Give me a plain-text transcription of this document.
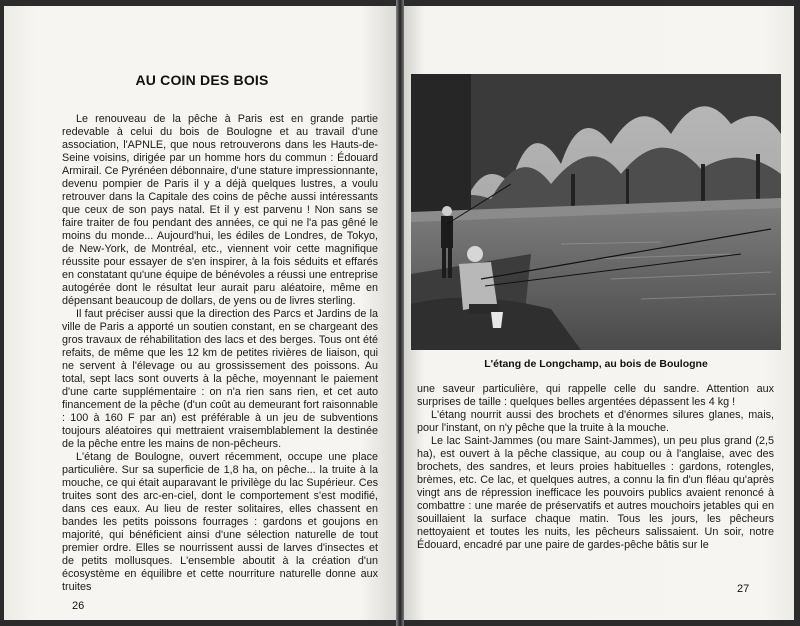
AU COIN DES BOIS

Le renouveau de la pêche à Paris est en grande partie redevable à celui du bois de Boulogne et au travail d'une association, l'APNLE, que nous retrouverons dans les Hauts-de-Seine voisins, dirigée par un homme hors du commun : Édouard Armirail. Ce Pyrénéen débonnaire, d'une stature impressionnante, devenu pompier de Paris il y a déjà quelques lustres, a voulu retrouver dans la Capitale des coins de pêche aussi intéressants que ceux de son pays natal. Et il y est parvenu ! Non sans se faire traiter de fou pendant des années, ce qui ne l'a pas gêné le moins du monde... Aujourd'hui, les édiles de Londres, de Tokyo, de New-York, de Montréal, etc., viennent voir cette magnifique réussite pour essayer de s'en inspirer, à la fois séduits et effarés en constatant qu'une équipe de bénévoles a réussi une entreprise autogérée dont le résultat leur aurait paru aléatoire, même en dépensant beaucoup de dollars, de yens ou de livres sterling.

Il faut préciser aussi que la direction des Parcs et Jardins de la ville de Paris a apporté un soutien constant, en se chargeant des gros travaux de réhabilitation des lacs et des berges. Tous ont été refaits, de même que les 12 km de petites rivières de liaison, qui ne servent à l'élevage ou au grossissement des poissons. Au total, sept lacs sont ouverts à la pêche, moyennant le paiement d'une carte supplémentaire : on n'a rien sans rien, et cet auto financement de la pêche (d'un coût au demeurant fort raisonnable : 100 à 160 F par an) est préférable à un jeu de subventions toujours aléatoires qui mettraient vraisemblablement la destinée de la pêche entre les mains de non-pêcheurs.

L'étang de Boulogne, ouvert récemment, occupe une place particulière. Sur sa superficie de 1,8 ha, on pêche... la truite à la mouche, ce qui était auparavant le privilège du lac Supérieur. Ces truites sont des arc-en-ciel, dont le comportement s'est modifié, dans ces eaux. Au lieu de rester solitaires, elles chassent en bandes les petits poissons fourrages : gardons et goujons en majorité, qui bénéficient ainsi d'une sélection naturelle de tout premier ordre. Elles se nourrissent aussi de larves d'insectes et de petits mollusques. L'ensemble aboutit à la création d'un écosystème en équilibre et cette nourriture naturelle donne aux truites

26
L'étang de Longchamp, au bois de Boulogne

une saveur particulière, qui rappelle celle du sandre. Attention aux surprises de taille : quelques belles argentées dépassent les 4 kg !

L'étang nourrit aussi des brochets et d'énormes silures glanes, mais, pour l'instant, on n'y pêche que la truite à la mouche.

Le lac Saint-Jammes (ou mare Saint-Jammes), un peu plus grand (2,5 ha), est ouvert à la pêche classique, au coup ou à l'anglaise, avec des brochets, des sandres, et leurs proies habituelles : gardons, rotengles, brèmes, etc. Ce lac, et quelques autres, a connu la fin d'un fléau qu'après vingt ans de répression inefficace les pouvoirs publics avaient renoncé à combattre : une marée de préservatifs et autres mouchoirs jetables qui en souillaient la surface chaque matin. Tous les jours, les pêcheurs nettoyaient et toutes les nuits, les pêcheurs salissaient. Un soir, notre Édouard, encadré par une paire de gardes-pêche bâtis sur le

27
